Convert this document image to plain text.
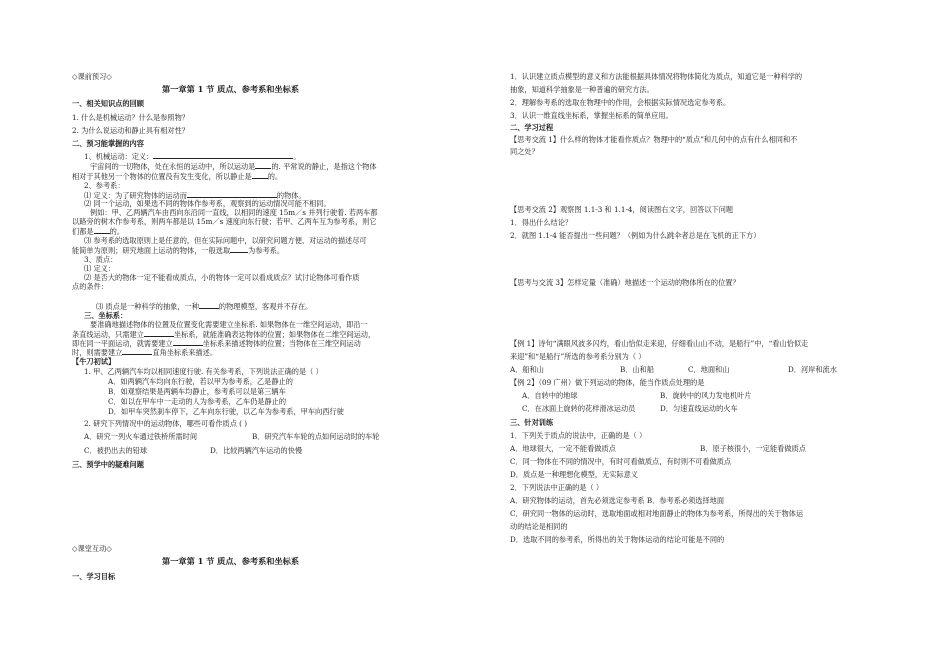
◇课前预习◇
第一章第 1 节 质点、参考系和坐标系
一、相关知识点的回顾
1. 什么是机械运动？什么是参照物？
2. 为什么说运动和静止具有相对性？
二、预习能掌握的内容
1、机械运动：定义：	。
宇宙间的一切物体，处在永恒的运动中，所以运动是 的. 平常说的静止，是指这个物体
相对于其他另一个物体的位置没有发生变化，所以静止是 的。
2、参考系：
⑴ 定义：为了研究物体的运动而	的物体。
⑵ 同一个运动，如果选不同的物体作参考系，观察到的运动情况可能不相同。
例如：甲、乙两辆汽车由西向东沿同一直线，以相同的速度 15m／s 并列行驶着. 若两车都
以路旁的树木作参考系，则两车都是以 15m／s 速度向东行驶；若甲、乙两车互为参考系，则它
们都是 的。
⑶ 参考系的选取原则上是任意的，但在实际问题中，以研究问题方便、对运动的描述尽可
能简单为原则；研究地面上运动的物体，一般选取	为参考系。
3、质点：
⑴ 定义：
⑵ 是否大的物体一定不能看成质点，小的物体一定可以看成质点？试讨论物体可看作质
点的条件：
⑶ 质点是一种科学的抽象，一种	的物理模型，客观并不存在。
三、坐标系：
要准确地描述物体的位置及位置变化需要建立坐标系. 如果物体在一维空间运动，即沿一
条直线运动，只需建立	坐标系，就能准确表达物体的位置；如果物体在二维空间运动，
即在同一平面运动，就需要建立	坐标系来描述物体的位置；当物体在三维空间运动
时，则需要建立	直角坐标系来描述。
【牛刀初试】
1. 甲、乙两辆汽车均以相同速度行驶. 有关参考系，下列说法正确的是（ ）
A．如两辆汽车均向东行驶，若以甲为参考系，乙是静止的
B．如观察结果是两辆车均静止，参考系可以是第三辆车
C．如以在甲车中一走动的人为参考系，乙车仍是静止的
D．如甲车突然刹车停下，乙车向东行驶，以乙车为参考系，甲车向西行驶
2. 研究下列情况中的运动物体，哪些可看作质点 ( )
A．研究一列火车通过铁桥所需时间	B．研究汽车车轮的点如何运动时的车轮
C．被扔出去的铅球	D．比较两辆汽车运动的快慢
三、预学中的疑难问题
◇课堂互动◇
第一章第 1 节 质点、参考系和坐标系
一、学习目标
1．认识建立质点模型的意义和方法能根据具体情况将物体简化为质点，知道它是一种科学的
抽象，知道科学抽象是一种普遍的研究方法。
2．理解参考系的选取在物理中的作用，会根据实际情况选定参考系。
3．认识一维直线坐标系，掌握坐标系的简单应用。
二、学习过程
【思考交流 1】什么样的物体才能看作质点？物理中的“质点”和几何中的点有什么相同和不
同之处？
【思考交流 2】观察图 1.1-3 和 1.1-4，阅读图右文字，回答以下问题
1．得出什么结论？
2．就图 1.1-4 能否提出一些问题？（例如为什么跳伞者总是在飞机的正下方）
【思考与交流 3】怎样定量（准确）地描述一个运动的物体所在的位置？
【例 1】诗句“满眼风波多闪灼，看山恰似走来迎，仔细看山山不动，是船行”中，“看山恰似走
来迎”和“是船行”所选的参考系分别为（ ）
A．船和山	B．山和船	C．地面和山	D．河岸和流水
【例 2】（09 广州）做下列运动的物体，能当作质点处理的是
A．自转中的地球	B．旋转中的风力发电机叶片
C．在冰面上旋转的花样滑冰运动员	D．匀速直线运动的火车
三、针对训练
1．下列关于质点的说法中，正确的是（ ）
A．地球很大，一定不能看做质点	B．原子核很小，一定能看做质点
C．同一物体在不同的情况中，有时可看做质点，有时则不可看做质点
D．质点是一种理想化模型，无实际意义
2．下列说法中正确的是（ ）
A．研究物体的运动，首先必须选定参考系 B．参考系必须选择地面
C．研究同一物体的运动时，选取地面或相对地面静止的物体为参考系，所得出的关于物体运
动的结论是相同的
D．选取不同的参考系，所得出的关于物体运动的结论可能是不同的
